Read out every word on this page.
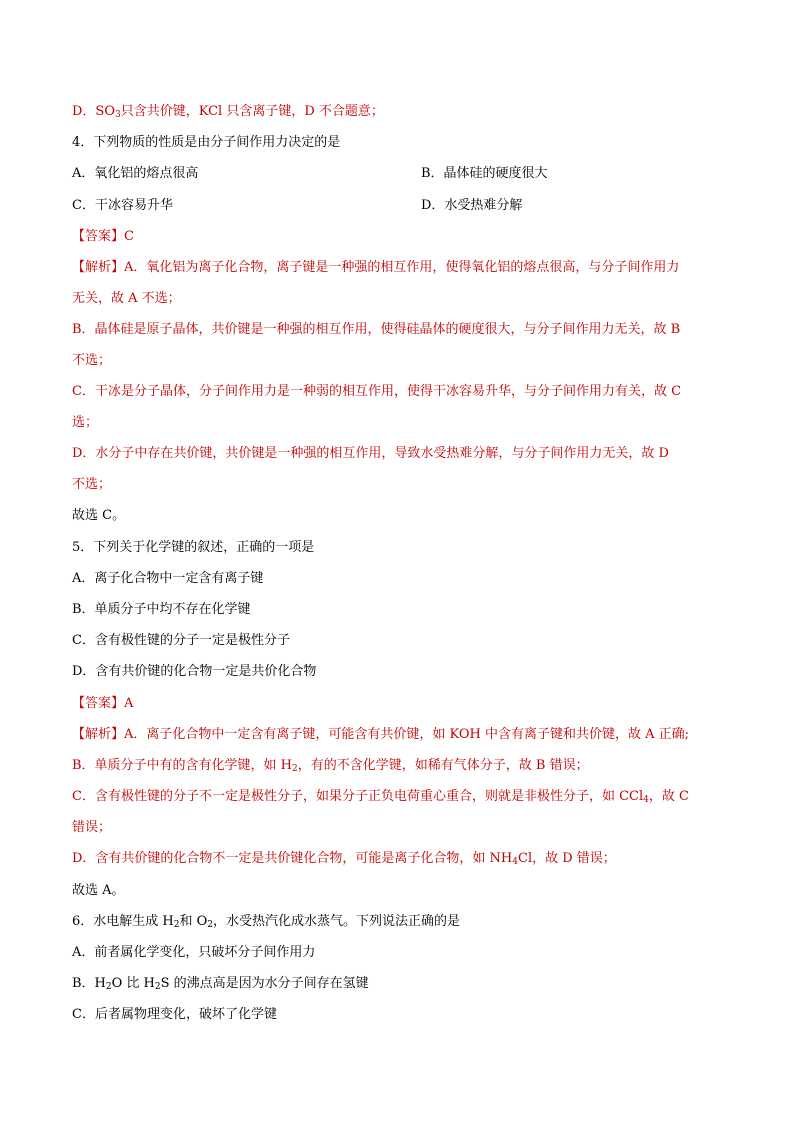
D．$SO_3$只含共价键，KCl 只含离子键，D 不合题意；
4．下列物质的性质是由分子间作用力决定的是
A．氧化铝的熔点很高	B．晶体硅的硬度很大
C．干冰容易升华	D．水受热难分解
【答案】C
【解析】A．氧化铝为离子化合物，离子键是一种强的相互作用，使得氧化铝的熔点很高，与分子间作用力
无关，故 A 不选；
B．晶体硅是原子晶体，共价键是一种强的相互作用，使得硅晶体的硬度很大，与分子间作用力无关，故 B
不选；
C．干冰是分子晶体，分子间作用力是一种弱的相互作用，使得干冰容易升华，与分子间作用力有关，故 C
选；
D．水分子中存在共价键，共价键是一种强的相互作用，导致水受热难分解，与分子间作用力无关，故 D
不选；
故选 C。
5．下列关于化学键的叙述，正确的一项是
A．离子化合物中一定含有离子键
B．单质分子中均不存在化学键
C．含有极性键的分子一定是极性分子
D．含有共价键的化合物一定是共价化合物
【答案】A
【解析】A．离子化合物中一定含有离子键，可能含有共价键，如 KOH 中含有离子键和共价键，故 A 正确;
B．单质分子中有的含有化学键，如 $H_2$，有的不含化学键，如稀有气体分子，故 B 错误；
C．含有极性键的分子不一定是极性分子，如果分子正负电荷重心重合，则就是非极性分子，如 CCl$_4$，故 C
错误；
D．含有共价键的化合物不一定是共价键化合物，可能是离子化合物，如 $NH_4Cl$，故 D 错误；
故选 A。
6．水电解生成 $H_2$和 $O_2$，水受热汽化成水蒸气。下列说法正确的是
A．前者属化学变化，只破坏分子间作用力
B．$H_2O$ 比 $H_2S$ 的沸点高是因为水分子间存在氢键
C．后者属物理变化，破坏了化学键
